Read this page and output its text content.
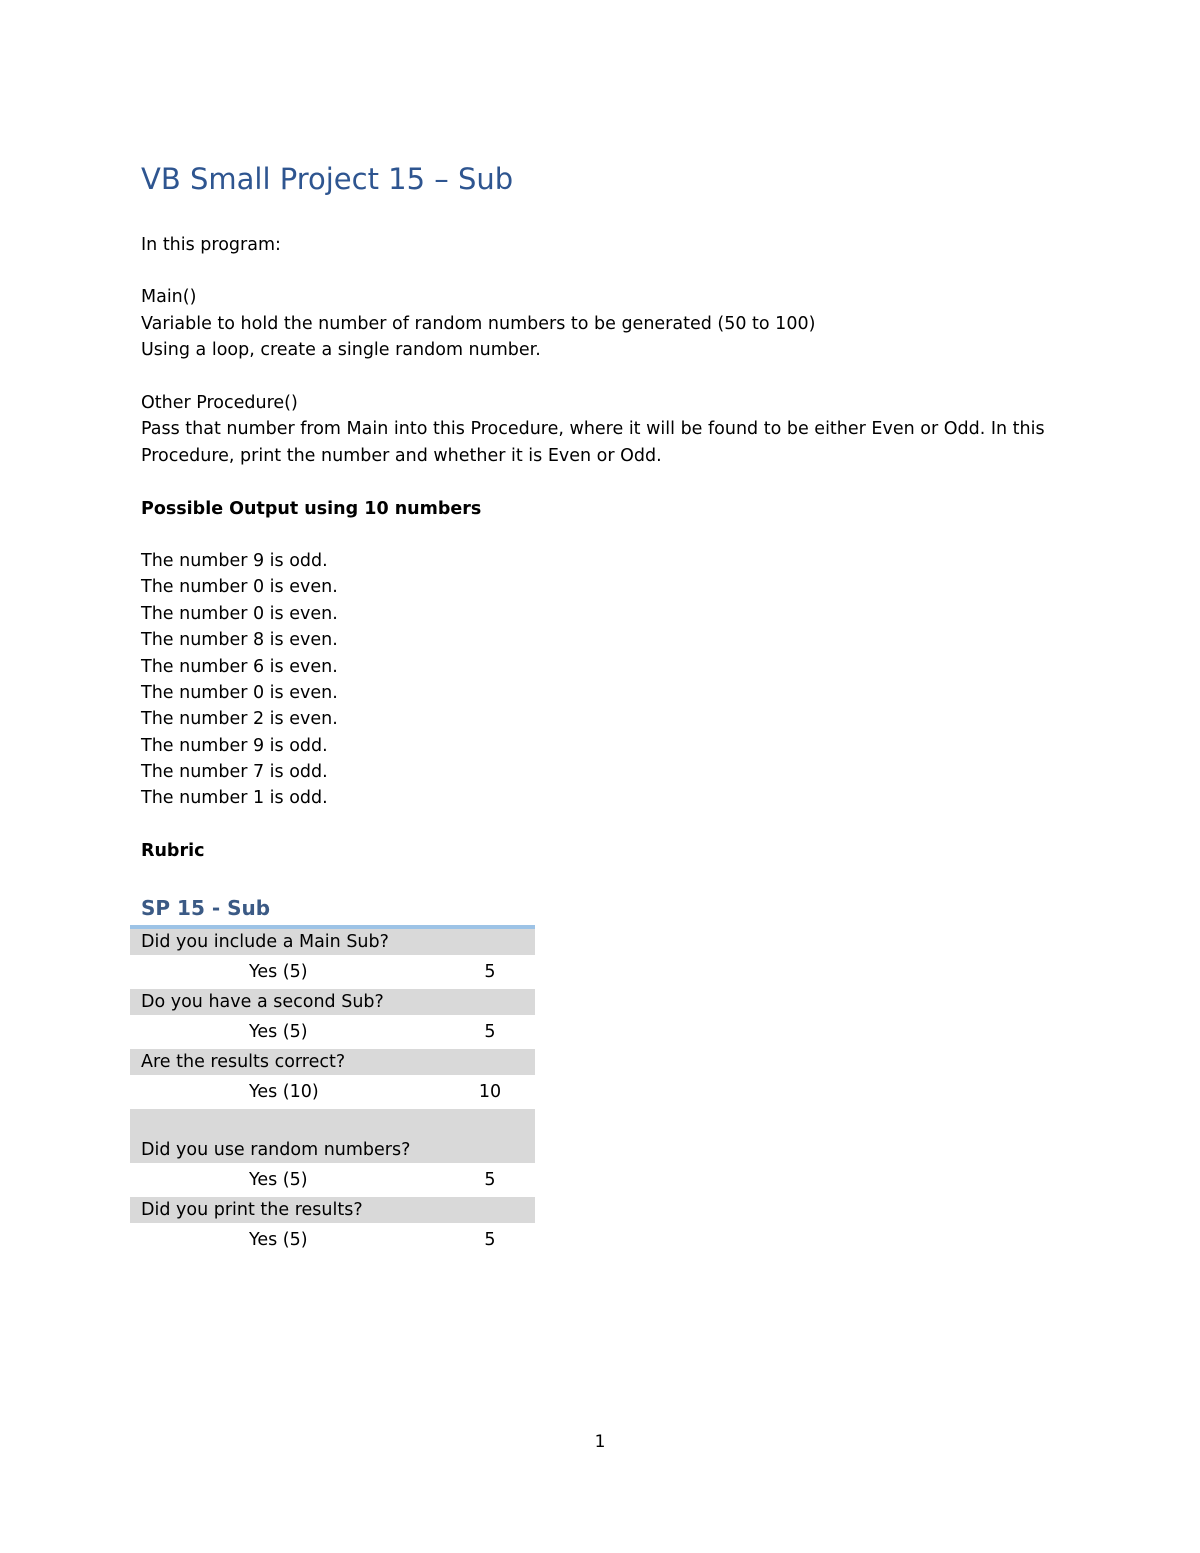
VB Small Project 15 – Sub
In this program:
Main()
Variable to hold the number of random numbers to be generated (50 to 100)
Using a loop, create a single random number.
Other Procedure()
Pass that number from Main into this Procedure, where it will be found to be either Even or Odd. In this
Procedure, print the number and whether it is Even or Odd.
Possible Output using 10 numbers
The number 9 is odd.
The number 0 is even.
The number 0 is even.
The number 8 is even.
The number 6 is even.
The number 0 is even.
The number 2 is even.
The number 9 is odd.
The number 7 is odd.
The number 1 is odd.
Rubric
SP 15 - Sub
Did you include a Main Sub?
Yes (5)	5
Do you have a second Sub?
Yes (5)	5
Are the results correct?
Yes (10)	10
Did you use random numbers?
Yes (5)	5
Did you print the results?
Yes (5)	5
1
